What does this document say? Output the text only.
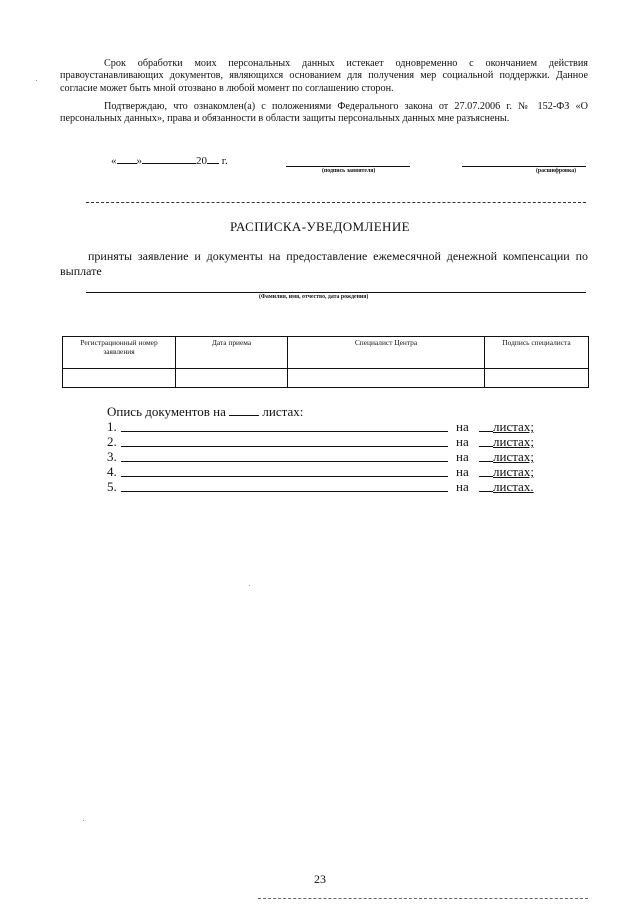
Срок обработки моих персональных данных истекает одновременно с окончанием действия правоустанавливающих документов, являющихся основанием для получения мер социальной поддержки. Данное согласие может быть мной отозвано в любой момент по соглашению сторон.
Подтверждаю, что ознакомлен(а) с положениями Федерального закона от 27.07.2006 г. № 152-ФЗ «О персональных данных», права и обязанности в области защиты персональных данных мне разъяснены.
« »	20 г.
(подпись заявителя)	(расшифровка)
РАСПИСКА-УВЕДОМЛЕНИЕ
приняты заявление и документы на предоставление ежемесячной денежной компенсации по выплате
(Фамилия, имя, отчество, дата рождения)
Регистрационный номер заявления	Дата приема	Специалист Центра	Подпись специалиста

Опись документов на	листах:
1.	на листах;
2.	на листах;
3.	на листах;
4.	на листах;
5.	на листах.
23
